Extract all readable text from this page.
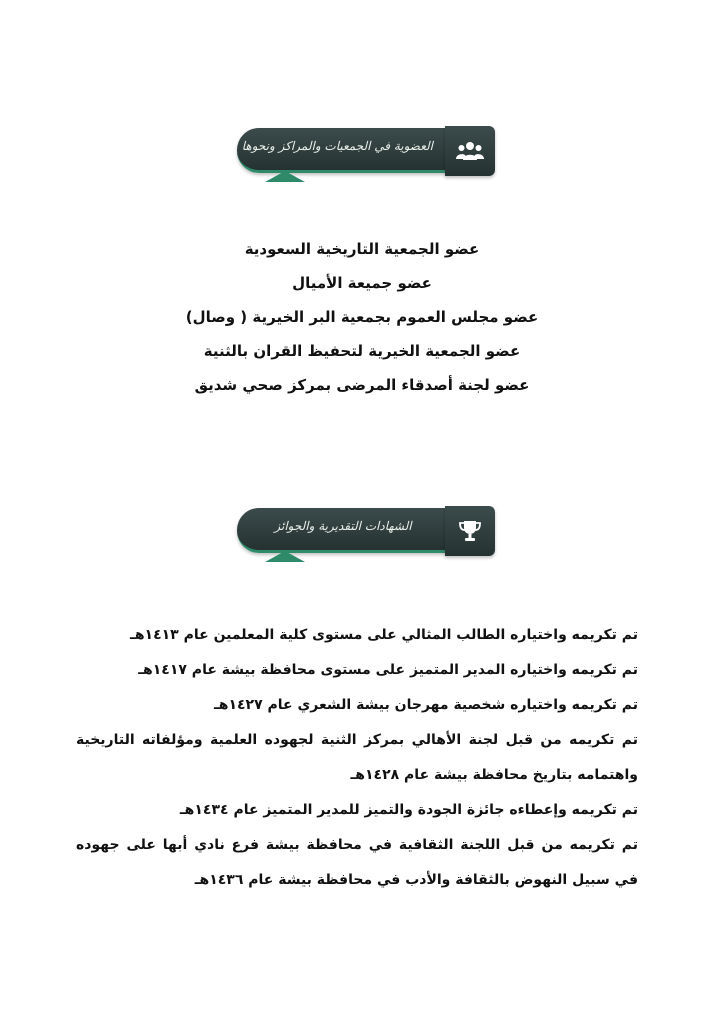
العضوية في الجمعيات والمراكز ونحوها
عضو الجمعية التاريخية السعودية
عضو جميعة الأميال
عضو مجلس العموم بجمعية البر الخيرية ( وصال)
عضو الجمعية الخيرية لتحفيظ القران بالثنية
عضو لجنة أصدقاء المرضى بمركز صحي شديق
الشهادات التقديرية والجوائز
تم تكريمه واختياره الطالب المثالي على مستوى كلية المعلمين عام ١٤١٣هـ
تم تكريمه واختياره المدير المتميز على مستوى محافظة بيشة عام ١٤١٧هـ
تم تكريمه واختياره شخصية مهرجان بيشة الشعري عام ١٤٢٧هـ
تم تكريمه من قبل لجنة الأهالي بمركز الثنية لجهوده العلمية ومؤلفاته التاريخية واهتمامه بتاريخ محافظة بيشة عام ١٤٢٨هـ
تم تكريمه وإعطاءه جائزة الجودة والتميز للمدير المتميز عام ١٤٣٤هـ
تم تكريمه من قبل اللجنة الثقافية في محافظة بيشة فرع نادي أبها على جهوده في سبيل النهوض بالثقافة والأدب في محافظة بيشة عام ١٤٣٦هـ
